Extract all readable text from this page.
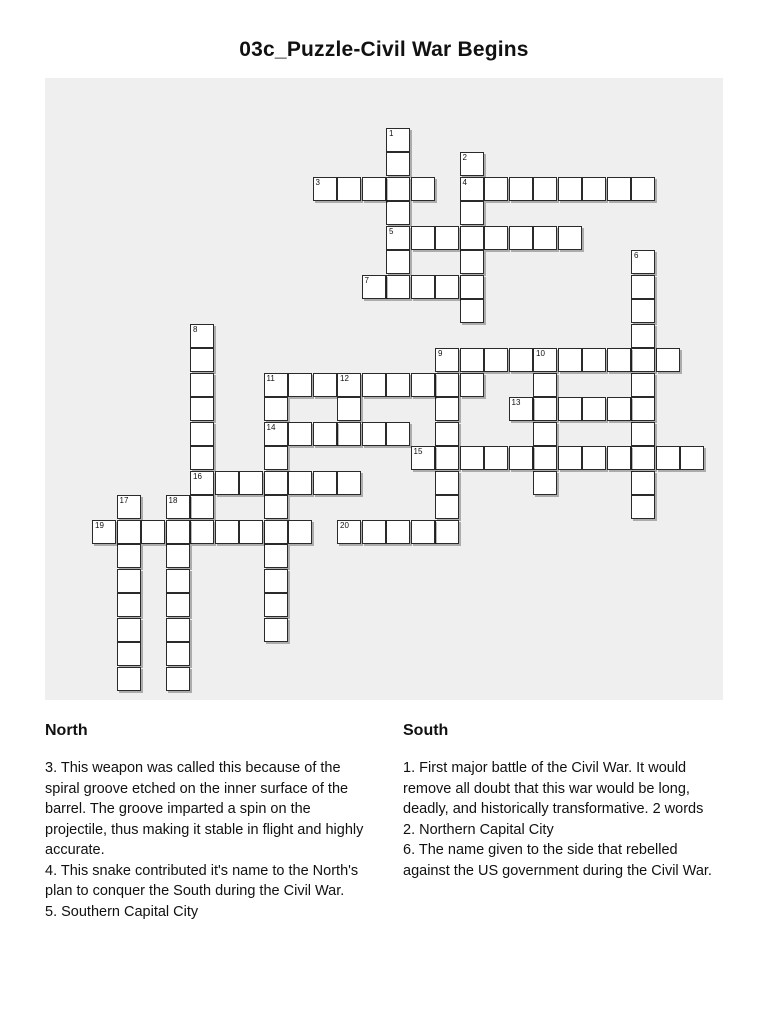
03c_Puzzle-Civil War Begins
1
5
2
4
3
6
7
8
16
9	10
11	12
14
13
15
17	18
19	20
North

3. This weapon was called this because of the spiral groove etched on the inner surface of the barrel. The groove imparted a spin on the projectile, thus making it stable in flight and highly accurate.

4. This snake contributed it's name to the North's plan to conquer the South during the Civil War.

5. Southern Capital City

South

1. First major battle of the Civil War. It would remove all doubt that this war would be long, deadly, and historically transformative. 2 words

2. Northern Capital City

6. The name given to the side that rebelled against the US government during the Civil War.
